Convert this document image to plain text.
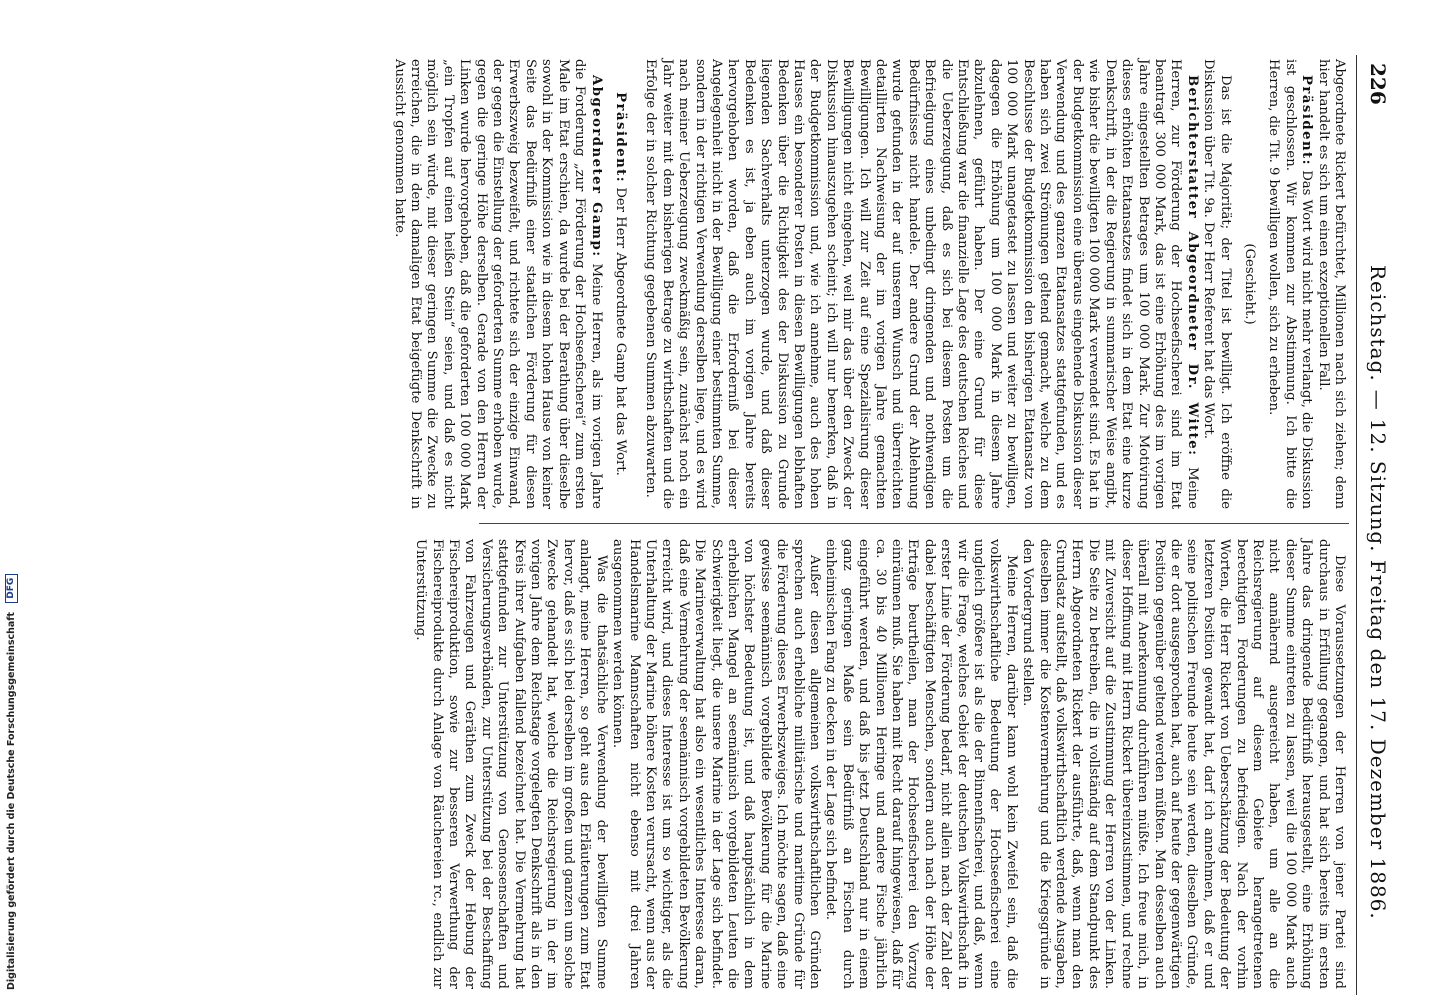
226
Reichstag.—12. Sitzung. Freitag den 17. Dezember 1886.

Abgeordnete Rickert befürchtet, Millionen nach sich ziehen; denn hier handelt es sich um einen exzeptionellen Fall.

Präsident: Das Wort wird nicht mehr verlangt, die Diskussion ist geschlossen. Wir kommen zur Abstimmung. Ich bitte die Herren, die Tit. 9 bewilligen wollen, sich zu erheben.

(Geschieht.)

Das ist die Majorität; der Titel ist bewilligt. Ich eröffne die Diskussion über Tit. 9a. Der Herr Referent hat das Wort.

Berichterstatter Abgeordneter Dr. Witte: Meine Herren, zur Förderung der Hochseefischerei sind im Etat beantragt 300 000 Mark, das ist eine Erhöhung des im vorigen Jahre eingestellten Betrages um 100 000 Mark. Zur Motivirung dieses erhöhten Etatansatzes findet sich in dem Etat eine kurze Denkschrift, in der die Regierung in summarischer Weise angibt, wie bisher die bewilligten 100 000 Mark verwendet sind. Es hat in der Budgetkommission eine überaus eingehende Diskussion dieser Verwendung und des ganzen Etatansatzes stattgefunden, und es haben sich zwei Strömungen geltend gemacht, welche zu dem Beschlusse der Budgetkommission den bisherigen Etatansatz von 100 000 Mark unangetastet zu lassen und weiter zu bewilligen, dagegen die Erhöhung um 100 000 Mark in diesem Jahre abzulehnen, geführt haben. Der eine Grund für diese Entschließung war die finanzielle Lage des deutschen Reiches und die Ueberzeugung, daß es sich bei diesem Posten um die Befriedigung eines unbedingt dringenden und nothwendigen Bedürfnisses nicht handele. Der andere Grund der Ablehnung wurde gefunden in der auf unserem Wunsch und überreichten detaillirten Nachweisung der im vorigen Jahre gemachten Bewilligungen. Ich will zur Zeit auf eine Spezialisirung dieser Bewilligungen nicht eingehen, weil mir das über den Zweck der Diskussion hinauszugehen scheint; ich will nur bemerken, daß in der Budgetkommission und, wie ich annehme, auch des hohen Hauses ein besonderer Posten in diesen Bewilligungen lebhaften Bedenken über die Richtigkeit des der Diskussion zu Grunde liegenden Sachverhalts unterzogen wurde, und daß dieser Bedenken es ist, ja eben auch im vorigen Jahre bereits hervorgehoben worden, daß die Erforderniß bei dieser Angelegenheit nicht in der Bewilligung einer bestimmten Summe, sondern in der richtigen Verwendung derselben liege, und es wird nach meiner Ueberzeugung zweckmäßig sein, zunächst noch ein Jahr weiter mit dem bisherigen Betrage zu wirthschaften und die Erfolge der in solcher Richtung gegebenen Summen abzuwarten.

Präsident: Der Herr Abgeordnete Gamp hat das Wort.

Abgeordneter Gamp: Meine Herren, als im vorigen Jahre die Forderung „zur Förderung der Hochseefischerei“ zum ersten Male im Etat erschien, da wurde bei der Berathung über dieselbe sowohl in der Kommission wie in diesem hohen Hause von keiner Seite das Bedürfniß einer staatlichen Förderung für diesen Erwerbszweig bezweifelt, und richtete sich der einzige Einwand, der gegen die Einstellung der geforderten Summe erhoben wurde, gegen die geringe Höhe derselben. Gerade von den Herren der Linken wurde hervorgehoben, daß die geforderten 100 000 Mark „ein Tropfen auf einen heißen Stein“ seien, und daß es nicht möglich sein würde, mit dieser geringen Summe die Zwecke zu erreichen, die in dem damaligen Etat beigefügte Denkschrift in Aussicht genommen hatte.

Diese Voraussetzungen der Herren von jener Partei sind durchaus in Erfüllung gegangen, und hat sich bereits im ersten Jahre das dringende Bedürfniß herausgestellt, eine Erhöhung dieser Summe eintreten zu lassen, weil die 100 000 Mark auch nicht annähernd ausgereicht haben, um alle an die Reichsregierung auf diesem Gebiete herangetretenen berechtigten Forderungen zu befriedigen. Nach der vorhin Worten, die Herr Rickert von Ueberschätzung der Bedeutung der letzteren Position gewandt hat, darf ich annehmen, daß er und seine politischen Freunde heute sein werden, dieselben Gründe, die er dort ausgesprochen hat, auch auf heute der gegenwärtigen Position gegenüber geltend werden müßten. Man desselben auch überall mit Anerkennung durchführen müßte. Ich freue mich, in dieser Hoffnung mit Herrn Rickert übereinzustimmen, und rechne mit Zuversicht auf die Zustimmung der Herren von der Linken. Die Seite zu betreiben, die in vollständig auf dem Standpunkt des Herrn Abgeordneten Rickert der ausführte, daß, wenn man den Grundsatz aufstellt, daß volkswirthschaftlich werdende Ausgaben, dieselben immer die Kostenvermehrung und die Kriegsgründe in den Vordergrund stellen.

Meine Herren, darüber kann wohl kein Zweifel sein, daß die volkswirthschaftliche Bedeutung der Hochseefischerei eine ungleich größere ist als die der Binnenfischerei, und daß, wenn wir die Frage, welches Gebiet der deutschen Volkswirthschaft in erster Linie der Förderung bedarf, nicht allein nach der Zahl der dabei beschäftigten Menschen, sondern auch nach der Höhe der Erträge beurtheilen, man der Hochseefischerei den Vorzug einräumen muß. Sie haben mit Recht darauf hingewiesen, daß für ca. 30 bis 40 Millionen Heringe und andere Fische jährlich eingeführt werden, und daß bis jetzt Deutschland nur in einem ganz geringen Maße sein Bedürfniß an Fischen durch einheimischen Fang zu decken in der Lage sich befindet.

Außer diesen allgemeinen volkswirthschaftlichen Gründen sprechen auch erhebliche militärische und maritime Gründe für die Förderung dieses Erwerbszweiges. Ich möchte sagen, daß eine gewisse seemännisch vorgebildete Bevölkerung für die Marine von höchster Bedeutung ist, und daß hauptsächlich in dem erheblichen Mangel an seemännisch vorgebildeten Leuten die Schwierigkeit liegt, die unsere Marine in der Lage sich befindet. Die Marineverwaltung hat also ein wesentliches Interesse daran, daß eine Vermehrung der seemännisch vorgebildeten Bevölkerung erreicht wird, und dieses Interesse ist um so wichtiger, als die Unterhaltung der Marine höhere Kosten verursacht, wenn aus der Handelsmarine Mannschaften nicht ebenso mit drei Jahren ausgenommen werden können.

Was die thatsächliche Verwendung der bewilligten Summe anlangt, meine Herren, so geht aus den Erläuterungen zum Etat hervor, daß es sich bei derselben im großen und ganzen um solche Zwecke gehandelt hat, welche die Reichsregierung in der im vorigen Jahre dem Reichstage vorgelegten Denkschrift als in den Kreis ihrer Aufgaben fallend bezeichnet hat. Die Vermehrung hat stattgefunden zur Unterstützung von Genossenschaften und Versicherungsverbänden, zur Unterstützung bei der Beschaffung von Fahrzeugen und Geräthen zum Zweck der Hebung der Fischereiproduktion, sowie zur besseren Verwerthung der Fischereiprodukte durch Anlage von Räuchereien rc., endlich zur Unterstützung.

Digitalisierung gefördert durch die Deutsche Forschungsgemeinschaft DFG
